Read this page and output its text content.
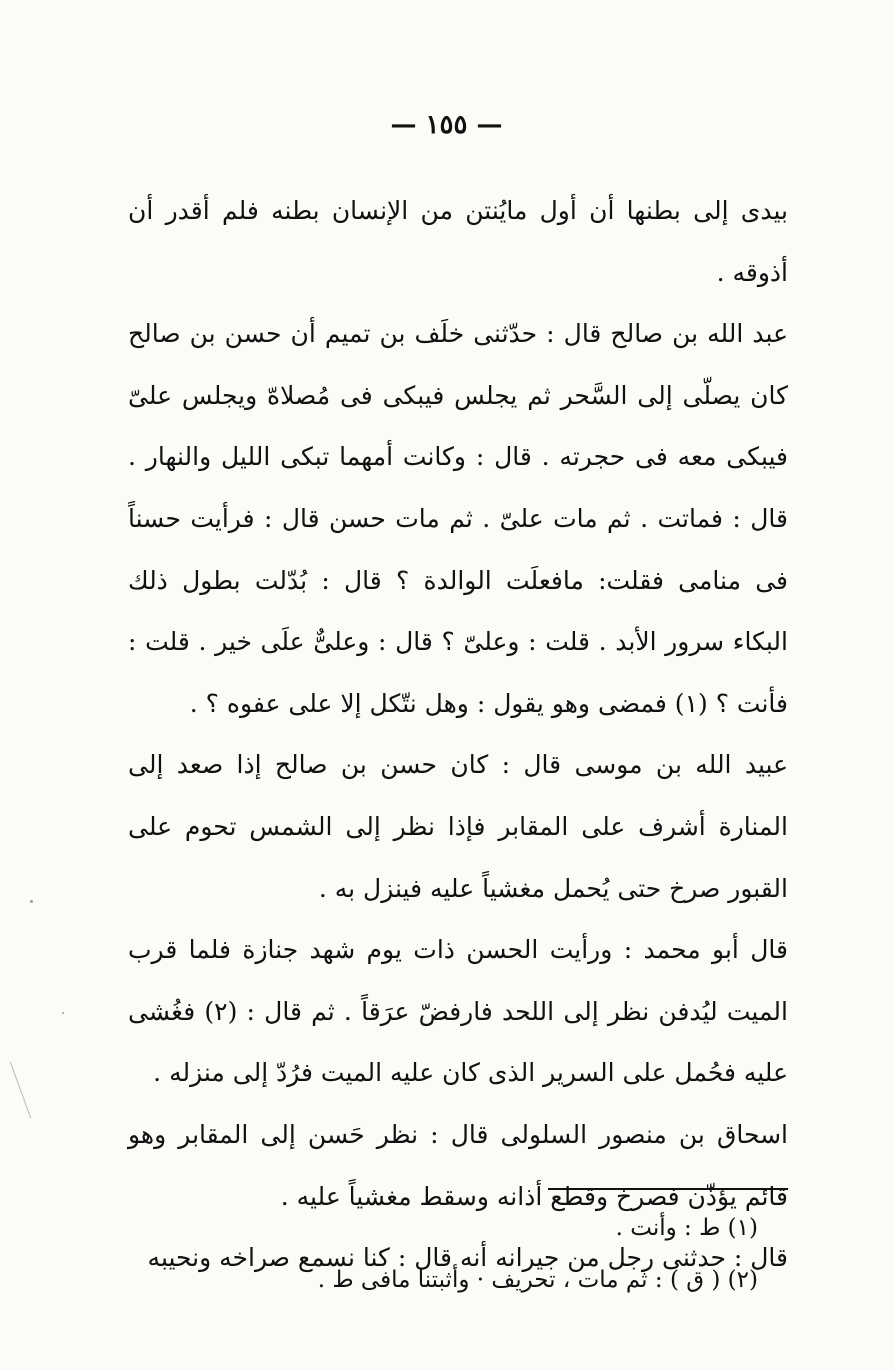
— ١٥٥ —

بيدى إلى بطنها أن أول مايُنتن من الإنسان بطنه فلم أقدر أن أذوقه .

عبد الله بن صالح قال : حدّثنى خلَف بن تميم أن حسن بن صالح كان يصلّى إلى السَّحر ثم يجلس فيبكى فى مُصلاهّ ويجلس علىّ فيبكى معه فى حجرته . قال : وكانت أمهما تبكى الليل والنهار . قال : فماتت . ثم مات علىّ . ثم مات حسن قال : فرأيت حسناً فى منامى فقلت: مافعلَت الوالدة ؟ قال : بُدّلت بطول ذلك البكاء سرور الأبد . قلت : وعلىّ ؟ قال : وعلىٌّ علَى خير . قلت : فأنت ؟ (١) فمضى وهو يقول : وهل نتّكل إلا على عفوه ؟ .

عبيد الله بن موسى قال : كان حسن بن صالح إذا صعد إلى المنارة أشرف على المقابر فإذا نظر إلى الشمس تحوم على القبور صرخ حتى يُحمل مغشياً عليه فينزل به .

قال أبو محمد : ورأيت الحسن ذات يوم شهد جنازة فلما قرب الميت ليُدفن نظر إلى اللحد فارفضّ عرَقاً . ثم قال : (٢) فغُشى عليه فحُمل على السرير الذى كان عليه الميت فرُدّ إلى منزله .

اسحاق بن منصور السلولى قال : نظر حَسن إلى المقابر وهو قائم يؤذّن فصرخ وقطع أذانه وسقط مغشياً عليه .

قال : حدثنى رجل من جيرانه أنه قال : كنا نسمع صراخه ونحيبه

(١) ط : وأنت .

(٢) ( ق ) : ثم مات ، تحريف · وأثبتنا مافى ط .
